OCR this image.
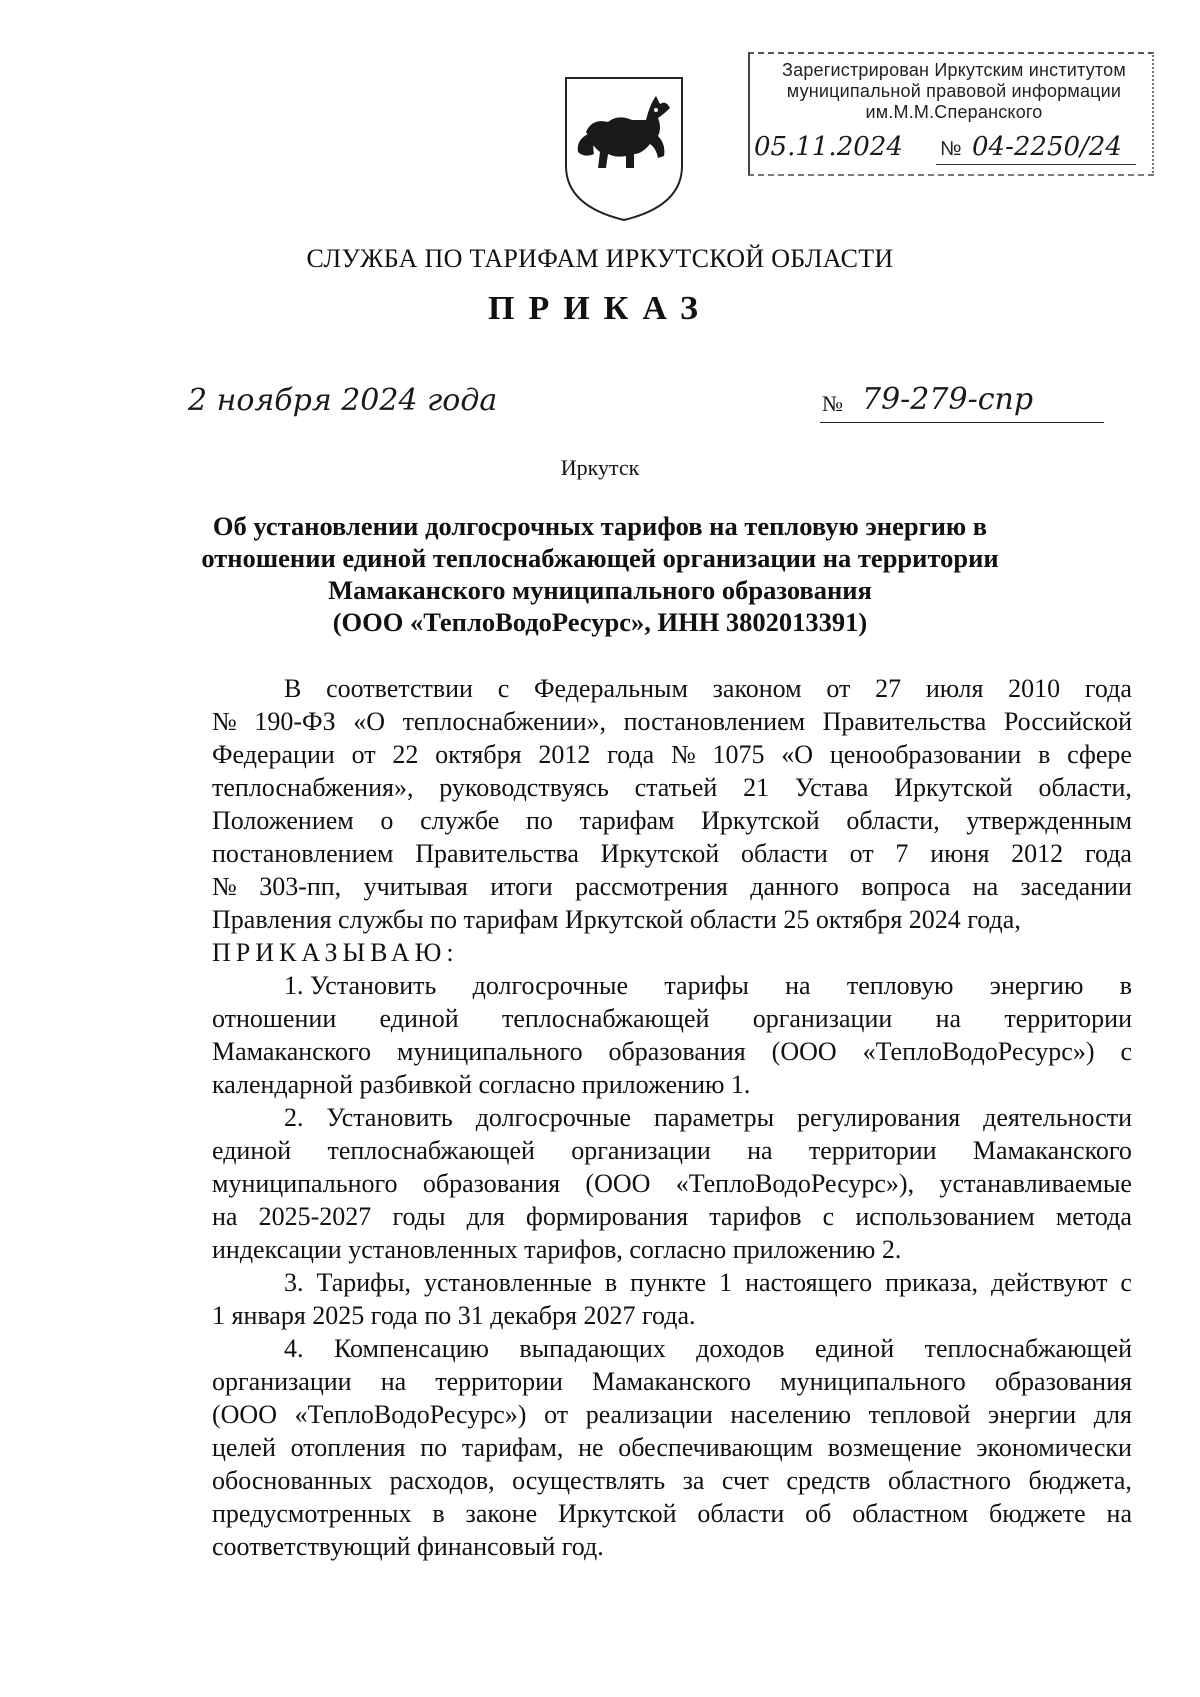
Зарегистрирован Иркутским институтом
муниципальной правовой информации
им.М.М.Сперанского
05.11.2024 № 04-2250/24
СЛУЖБА ПО ТАРИФАМ ИРКУТСКОЙ ОБЛАСТИ
ПРИКАЗ
2 ноября 2024 года	№ 79-279-спр
Иркутск
Об установлении долгосрочных тарифов на тепловую энергию в
отношении единой теплоснабжающей организации на территории
Мамаканского муниципального образования
(ООО «ТеплоВодоРесурс», ИНН 3802013391)
В соответствии с Федеральным законом от 27 июля 2010 года
№ 190-ФЗ «О теплоснабжении», постановлением Правительства Российской
Федерации от 22 октября 2012 года № 1075 «О ценообразовании в сфере
теплоснабжения», руководствуясь статьей 21 Устава Иркутской области,
Положением о службе по тарифам Иркутской области, утвержденным
постановлением Правительства Иркутской области от 7 июня 2012 года
№ 303-пп, учитывая итоги рассмотрения данного вопроса на заседании
Правления службы по тарифам Иркутской области 25 октября 2024 года,
ПРИКАЗЫВАЮ:
1. Установить долгосрочные тарифы на тепловую энергию в
отношении единой теплоснабжающей организации на территории
Мамаканского муниципального образования (ООО «ТеплоВодоРесурс») с
календарной разбивкой согласно приложению 1.
2. Установить долгосрочные параметры регулирования деятельности
единой теплоснабжающей организации на территории Мамаканского
муниципального образования (ООО «ТеплоВодоРесурс»), устанавливаемые
на 2025-2027 годы для формирования тарифов с использованием метода
индексации установленных тарифов, согласно приложению 2.
3. Тарифы, установленные в пункте 1 настоящего приказа, действуют с
1 января 2025 года по 31 декабря 2027 года.
4. Компенсацию выпадающих доходов единой теплоснабжающей
организации на территории Мамаканского муниципального образования
(ООО «ТеплоВодоРесурс») от реализации населению тепловой энергии для
целей отопления по тарифам, не обеспечивающим возмещение экономически
обоснованных расходов, осуществлять за счет средств областного бюджета,
предусмотренных в законе Иркутской области об областном бюджете на
соответствующий финансовый год.
